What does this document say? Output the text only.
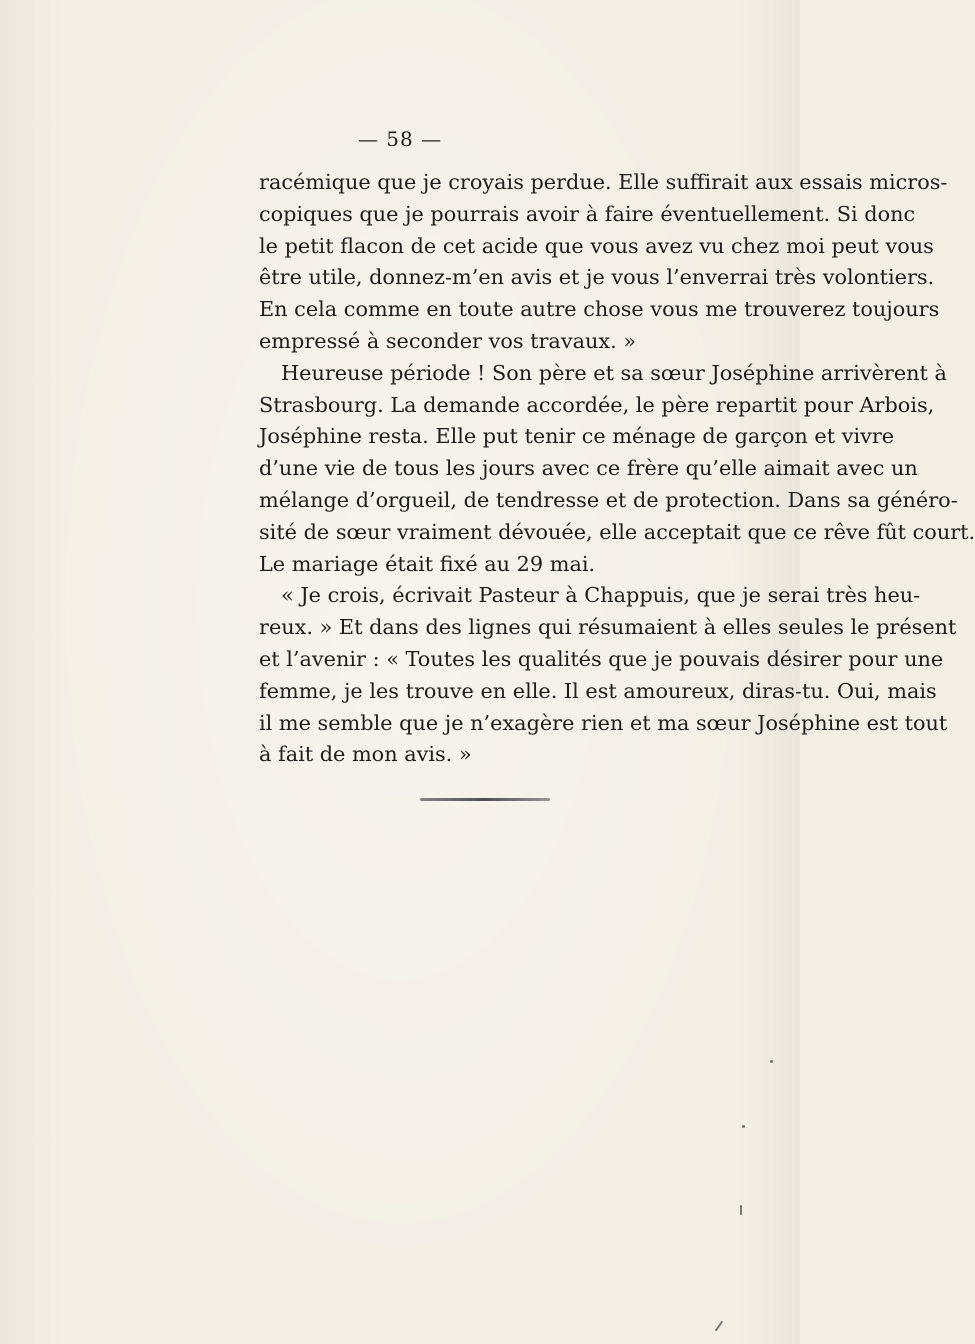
— 58 —
racémique que je croyais perdue. Elle suffirait aux essais micros-
copiques que je pourrais avoir à faire éventuellement. Si donc
le petit flacon de cet acide que vous avez vu chez moi peut vous
être utile, donnez-m’en avis et je vous l’enverrai très volontiers.
En cela comme en toute autre chose vous me trouverez toujours
empressé à seconder vos travaux. »
Heureuse période ! Son père et sa sœur Joséphine arrivèrent à
Strasbourg. La demande accordée, le père repartit pour Arbois,
Joséphine resta. Elle put tenir ce ménage de garçon et vivre
d’une vie de tous les jours avec ce frère qu’elle aimait avec un
mélange d’orgueil, de tendresse et de protection. Dans sa généro-
sité de sœur vraiment dévouée, elle acceptait que ce rêve fût court.
Le mariage était fixé au 29 mai.
« Je crois, écrivait Pasteur à Chappuis, que je serai très heu-
reux. » Et dans des lignes qui résumaient à elles seules le présent
et l’avenir : « Toutes les qualités que je pouvais désirer pour une
femme, je les trouve en elle. Il est amoureux, diras-tu. Oui, mais
il me semble que je n’exagère rien et ma sœur Joséphine est tout
à fait de mon avis. »
